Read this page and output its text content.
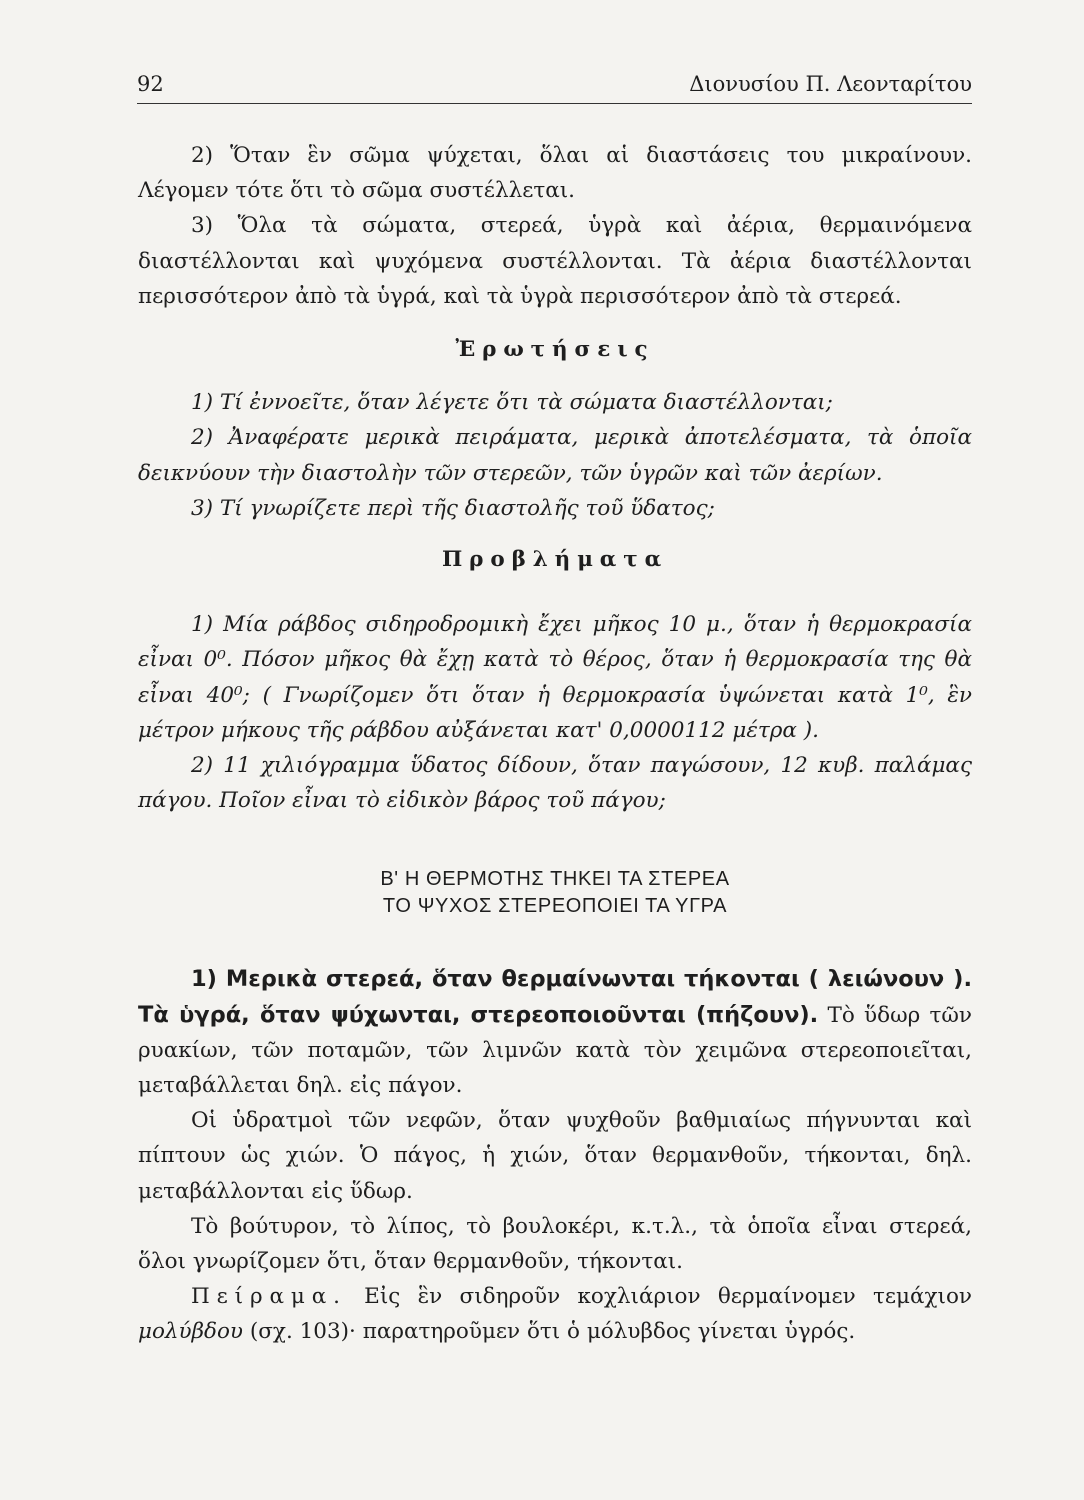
92	Διονυσίου Π. Λεονταρίτου

2) Ὅταν ἓν σῶμα ψύχεται, ὅλαι αἱ διαστάσεις του μικραίνουν. Λέγομεν τότε ὅτι τὸ σῶμα συστέλλεται.

3) Ὅλα τὰ σώματα, στερεά, ὑγρὰ καὶ ἀέρια, θερμαινόμενα διαστέλλονται καὶ ψυχόμενα συστέλλονται. Τὰ ἀέρια διαστέλλονται περισσότερον ἀπὸ τὰ ὑγρά, καὶ τὰ ὑγρὰ περισσότερον ἀπὸ τὰ στερεά.

Ἐρωτήσεις

1) Τί ἐννοεῖτε, ὅταν λέγετε ὅτι τὰ σώματα διαστέλλονται;

2) Ἀναφέρατε μερικὰ πειράματα, μερικὰ ἀποτελέσματα, τὰ ὁποῖα δεικνύουν τὴν διαστολὴν τῶν στερεῶν, τῶν ὑγρῶν καὶ τῶν ἀερίων.

3) Τί γνωρίζετε περὶ τῆς διαστολῆς τοῦ ὕδατος;

Προβλήματα

1) Μία ράβδος σιδηροδρομικὴ ἔχει μῆκος 10 μ., ὅταν ἡ θερμοκρασία εἶναι 0⁰. Πόσον μῆκος θὰ ἔχῃ κατὰ τὸ θέρος, ὅταν ἡ θερμοκρασία της θὰ εἶναι 40⁰; ( Γνωρίζομεν ὅτι ὅταν ἡ θερμοκρασία ὑψώνεται κατὰ 1⁰, ἓν μέτρον μήκους τῆς ράβδου αὐξάνεται κατ' 0,0000112 μέτρα ).

2) 11 χιλιόγραμμα ὕδατος δίδουν, ὅταν παγώσουν, 12 κυβ. παλάμας πάγου. Ποῖον εἶναι τὸ εἰδικὸν βάρος τοῦ πάγου;

Β' Η ΘΕΡΜΟΤΗΣ ΤΗΚΕΙ ΤΑ ΣΤΕΡΕΑ
ΤΟ ΨΥΧΟΣ ΣΤΕΡΕΟΠΟΙΕΙ ΤΑ ΥΓΡΑ

1) Μερικὰ στερεά, ὅταν θερμαίνωνται τήκονται ( λειώνουν ). Τὰ ὑγρά, ὅταν ψύχωνται, στερεοποιοῦνται (πήζουν). Τὸ ὕδωρ τῶν ρυακίων, τῶν ποταμῶν, τῶν λιμνῶν κατὰ τὸν χειμῶνα στερεοποιεῖται, μεταβάλλεται δηλ. εἰς πάγον.

Οἱ ὑδρατμοὶ τῶν νεφῶν, ὅταν ψυχθοῦν βαθμιαίως πήγνυνται καὶ πίπτουν ὡς χιών. Ὁ πάγος, ἡ χιών, ὅταν θερμανθοῦν, τήκονται, δηλ. μεταβάλλονται εἰς ὕδωρ.

Τὸ βούτυρον, τὸ λίπος, τὸ βουλοκέρι, κ.τ.λ., τὰ ὁποῖα εἶναι στερεά, ὅλοι γνωρίζομεν ὅτι, ὅταν θερμανθοῦν, τήκονται.

Πείραμα. Εἰς ἓν σιδηροῦν κοχλιάριον θερμαίνομεν τεμάχιον μολύβδου (σχ. 103)· παρατηροῦμεν ὅτι ὁ μόλυβδος γίνεται ὑγρός.
